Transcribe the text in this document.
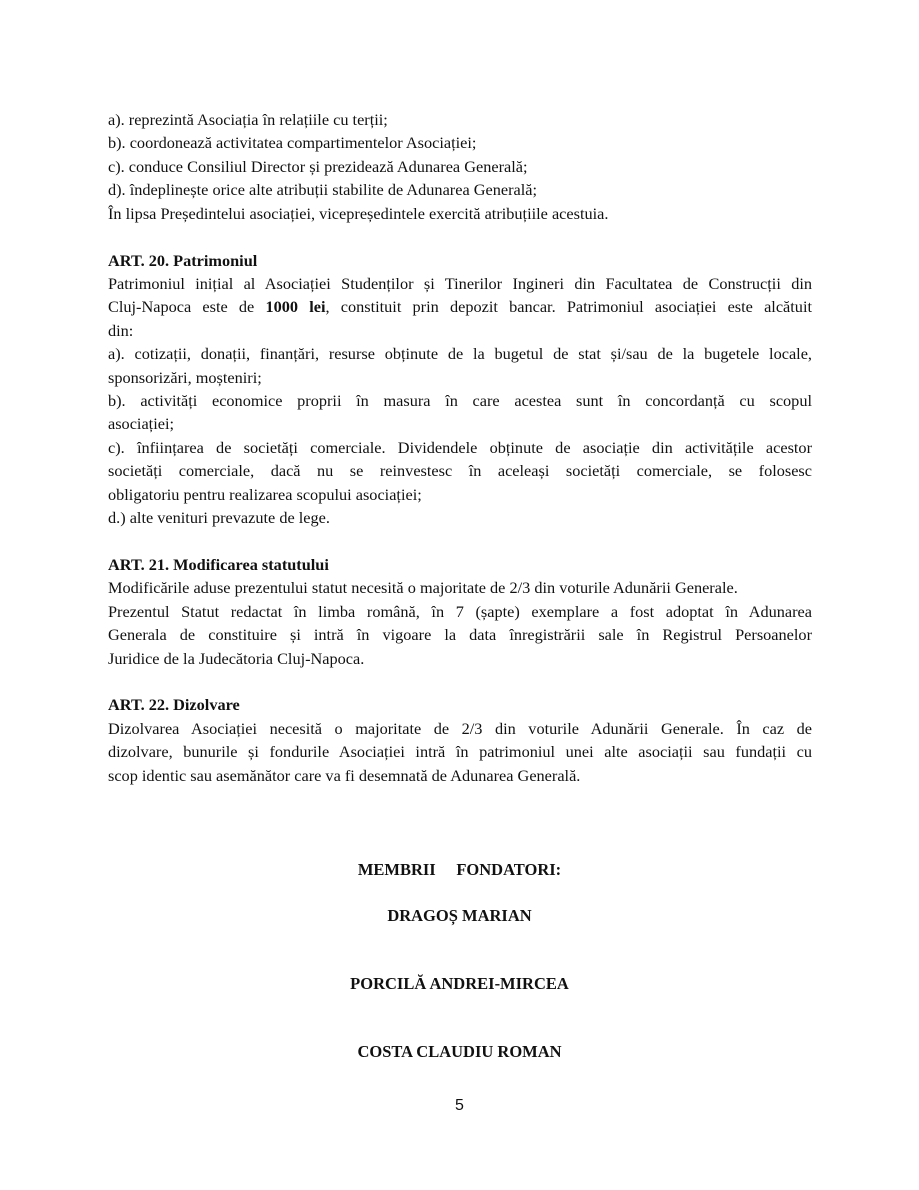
a). reprezintă Asociația în relațiile cu terții;
b). coordonează activitatea compartimentelor Asociației;
c). conduce Consiliul Director și prezidează Adunarea Generală;
d). îndeplinește orice alte atribuții stabilite de Adunarea Generală;
În lipsa Președintelui asociației, vicepreședintele exercită atribuțiile acestuia.
ART. 20. Patrimoniul
Patrimoniul inițial al Asociației Studenților și Tinerilor Ingineri din Facultatea de Construcții din
Cluj-Napoca este de 1000 lei, constituit prin depozit bancar. Patrimoniul asociației este alcătuit
din:
a). cotizații, donații, finanțări, resurse obținute de la bugetul de stat și/sau de la bugetele locale,
sponsorizări, moșteniri;
b). activități economice proprii în masura în care acestea sunt în concordanță cu scopul
asociației;
c). înființarea de societăți comerciale. Dividendele obținute de asociație din activitățile acestor
societăți comerciale, dacă nu se reinvestesc în aceleași societăți comerciale, se folosesc
obligatoriu pentru realizarea scopului asociației;
d.) alte venituri prevazute de lege.
ART. 21. Modificarea statutului
Modificările aduse prezentului statut necesită o majoritate de 2/3 din voturile Adunării Generale.
Prezentul Statut redactat în limba română, în 7 (șapte) exemplare a fost adoptat în Adunarea
Generala de constituire și intră în vigoare la data înregistrării sale în Registrul Persoanelor
Juridice de la Judecătoria Cluj-Napoca.
ART. 22. Dizolvare
Dizolvarea Asociației necesită o majoritate de 2/3 din voturile Adunării Generale. În caz de
dizolvare, bunurile și fondurile Asociației intră în patrimoniul unei alte asociații sau fundații cu
scop identic sau asemănător care va fi desemnată de Adunarea Generală.
MEMBRII     FONDATORI:
DRAGOȘ MARIAN
PORCILĂ ANDREI-MIRCEA
COSTA CLAUDIU ROMAN
5
